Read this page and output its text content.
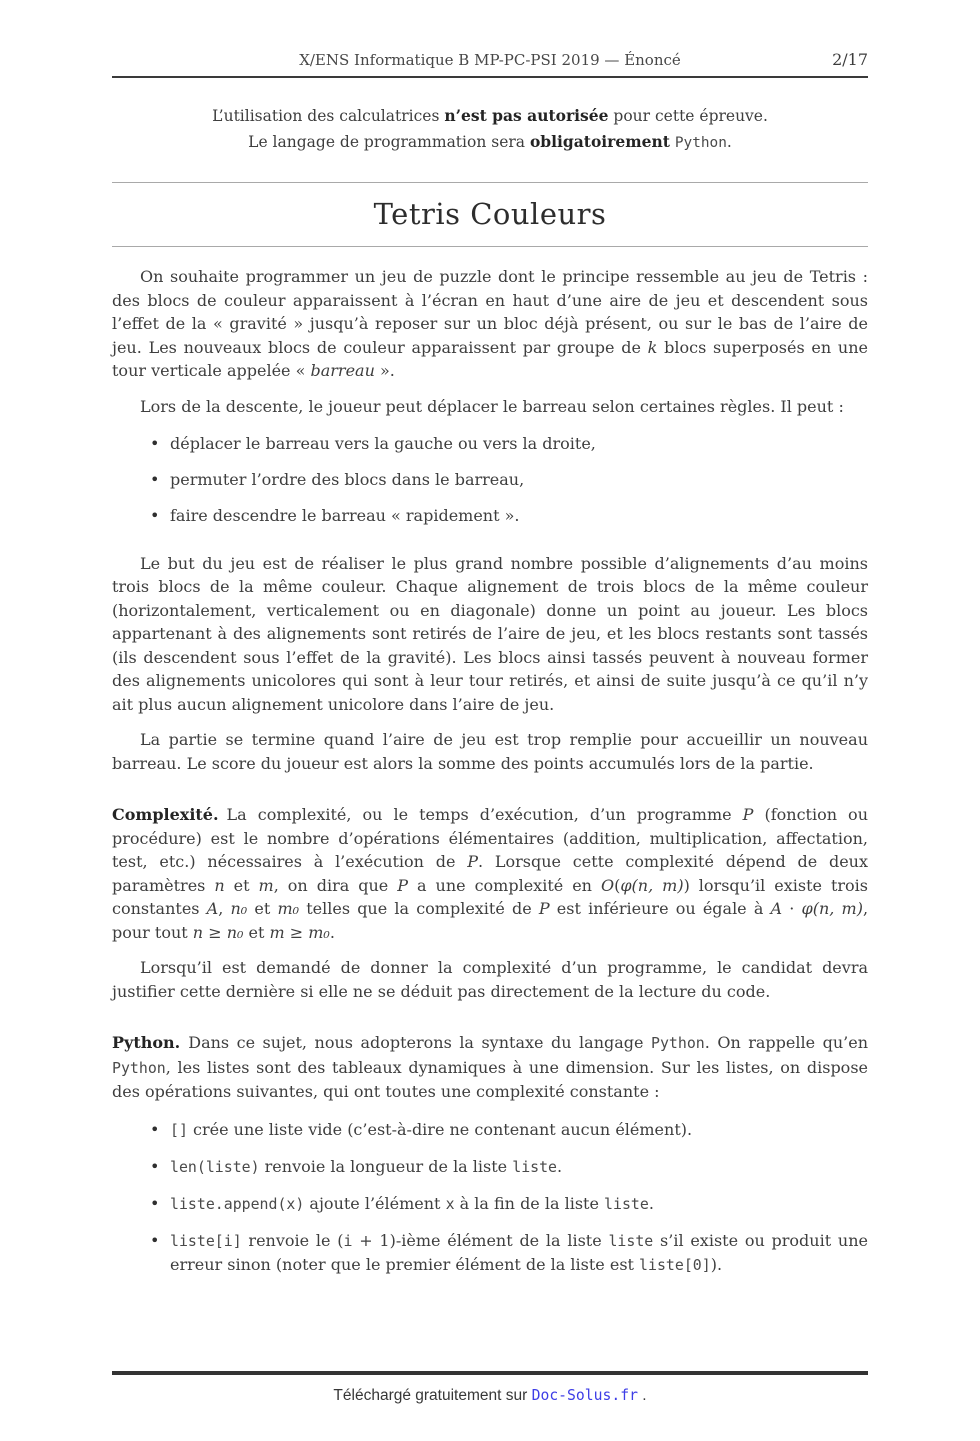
X/ENS Informatique B MP-PC-PSI 2019 — Énoncé	2/17

L’utilisation des calculatrices n’est pas autorisée pour cette épreuve.

Le langage de programmation sera obligatoirement Python.

Tetris Couleurs

On souhaite programmer un jeu de puzzle dont le principe ressemble au jeu de Tetris : des blocs de couleur apparaissent à l’écran en haut d’une aire de jeu et descendent sous l’effet de la « gravité » jusqu’à reposer sur un bloc déjà présent, ou sur le bas de l’aire de jeu. Les nouveaux blocs de couleur apparaissent par groupe de k blocs superposés en une tour verticale appelée « barreau ».

Lors de la descente, le joueur peut déplacer le barreau selon certaines règles. Il peut :

• déplacer le barreau vers la gauche ou vers la droite,
• permuter l’ordre des blocs dans le barreau,
• faire descendre le barreau « rapidement ».

Le but du jeu est de réaliser le plus grand nombre possible d’alignements d’au moins trois blocs de la même couleur. Chaque alignement de trois blocs de la même couleur (horizontalement, verticalement ou en diagonale) donne un point au joueur. Les blocs appartenant à des alignements sont retirés de l’aire de jeu, et les blocs restants sont tassés (ils descendent sous l’effet de la gravité). Les blocs ainsi tassés peuvent à nouveau former des alignements unicolores qui sont à leur tour retirés, et ainsi de suite jusqu’à ce qu’il n’y ait plus aucun alignement unicolore dans l’aire de jeu.

La partie se termine quand l’aire de jeu est trop remplie pour accueillir un nouveau barreau. Le score du joueur est alors la somme des points accumulés lors de la partie.

Complexité. La complexité, ou le temps d’exécution, d’un programme P (fonction ou procédure) est le nombre d’opérations élémentaires (addition, multiplication, affectation, test, etc.) nécessaires à l’exécution de P. Lorsque cette complexité dépend de deux paramètres n et m, on dira que P a une complexité en O(φ(n, m)) lorsqu’il existe trois constantes A, n₀ et m₀ telles que la complexité de P est inférieure ou égale à A · φ(n, m), pour tout n ≥ n₀ et m ≥ m₀.

Lorsqu’il est demandé de donner la complexité d’un programme, le candidat devra justifier cette dernière si elle ne se déduit pas directement de la lecture du code.

Python. Dans ce sujet, nous adopterons la syntaxe du langage Python. On rappelle qu’en Python, les listes sont des tableaux dynamiques à une dimension. Sur les listes, on dispose des opérations suivantes, qui ont toutes une complexité constante :

• [] crée une liste vide (c’est-à-dire ne contenant aucun élément).
• len(liste) renvoie la longueur de la liste liste.
• liste.append(x) ajoute l’élément x à la fin de la liste liste.
• liste[i] renvoie le (i + 1)-ième élément de la liste liste s’il existe ou produit une erreur sinon (noter que le premier élément de la liste est liste[0]).

Téléchargé gratuitement sur Doc-Solus.fr .
